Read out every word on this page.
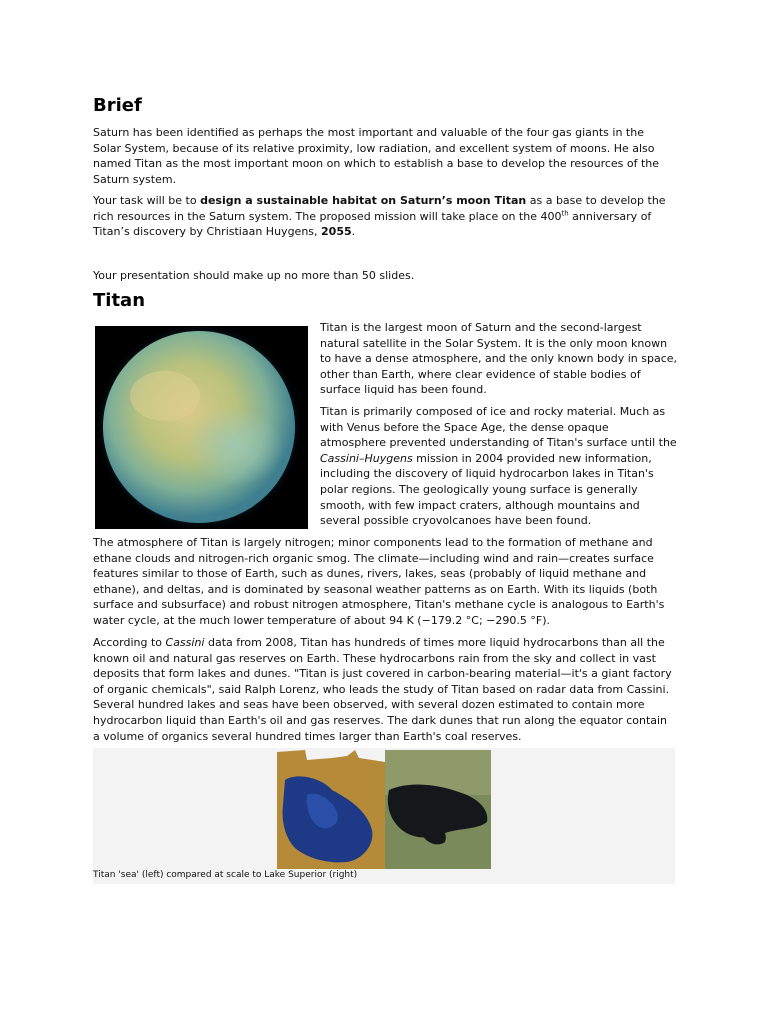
Brief

Saturn has been identified as perhaps the most important and valuable of the four gas giants in the Solar System, because of its relative proximity, low radiation, and excellent system of moons. He also named Titan as the most important moon on which to establish a base to develop the resources of the Saturn system.

Your task will be to design a sustainable habitat on Saturn’s moon Titan as a base to develop the rich resources in the Saturn system. The proposed mission will take place on the 400th anniversary of Titan’s discovery by Christiaan Huygens, 2055.

Your presentation should make up no more than 50 slides.

Titan

Titan is the largest moon of Saturn and the second-largest natural satellite in the Solar System. It is the only moon known to have a dense atmosphere, and the only known body in space, other than Earth, where clear evidence of stable bodies of surface liquid has been found.

Titan is primarily composed of ice and rocky material. Much as with Venus before the Space Age, the dense opaque atmosphere prevented understanding of Titan's surface until the Cassini–Huygens mission in 2004 provided new information, including the discovery of liquid hydrocarbon lakes in Titan's polar regions. The geologically young surface is generally smooth, with few impact craters, although mountains and several possible cryovolcanoes have been found.

The atmosphere of Titan is largely nitrogen; minor components lead to the formation of methane and ethane clouds and nitrogen-rich organic smog. The climate—including wind and rain—creates surface features similar to those of Earth, such as dunes, rivers, lakes, seas (probably of liquid methane and ethane), and deltas, and is dominated by seasonal weather patterns as on Earth. With its liquids (both surface and subsurface) and robust nitrogen atmosphere, Titan's methane cycle is analogous to Earth's water cycle, at the much lower temperature of about 94 K (−179.2 °C; −290.5 °F).

According to Cassini data from 2008, Titan has hundreds of times more liquid hydrocarbons than all the known oil and natural gas reserves on Earth. These hydrocarbons rain from the sky and collect in vast deposits that form lakes and dunes. "Titan is just covered in carbon-bearing material—it's a giant factory of organic chemicals", said Ralph Lorenz, who leads the study of Titan based on radar data from Cassini. Several hundred lakes and seas have been observed, with several dozen estimated to contain more hydrocarbon liquid than Earth's oil and gas reserves. The dark dunes that run along the equator contain a volume of organics several hundred times larger than Earth's coal reserves.

Titan 'sea' (left) compared at scale to Lake Superior (right)
